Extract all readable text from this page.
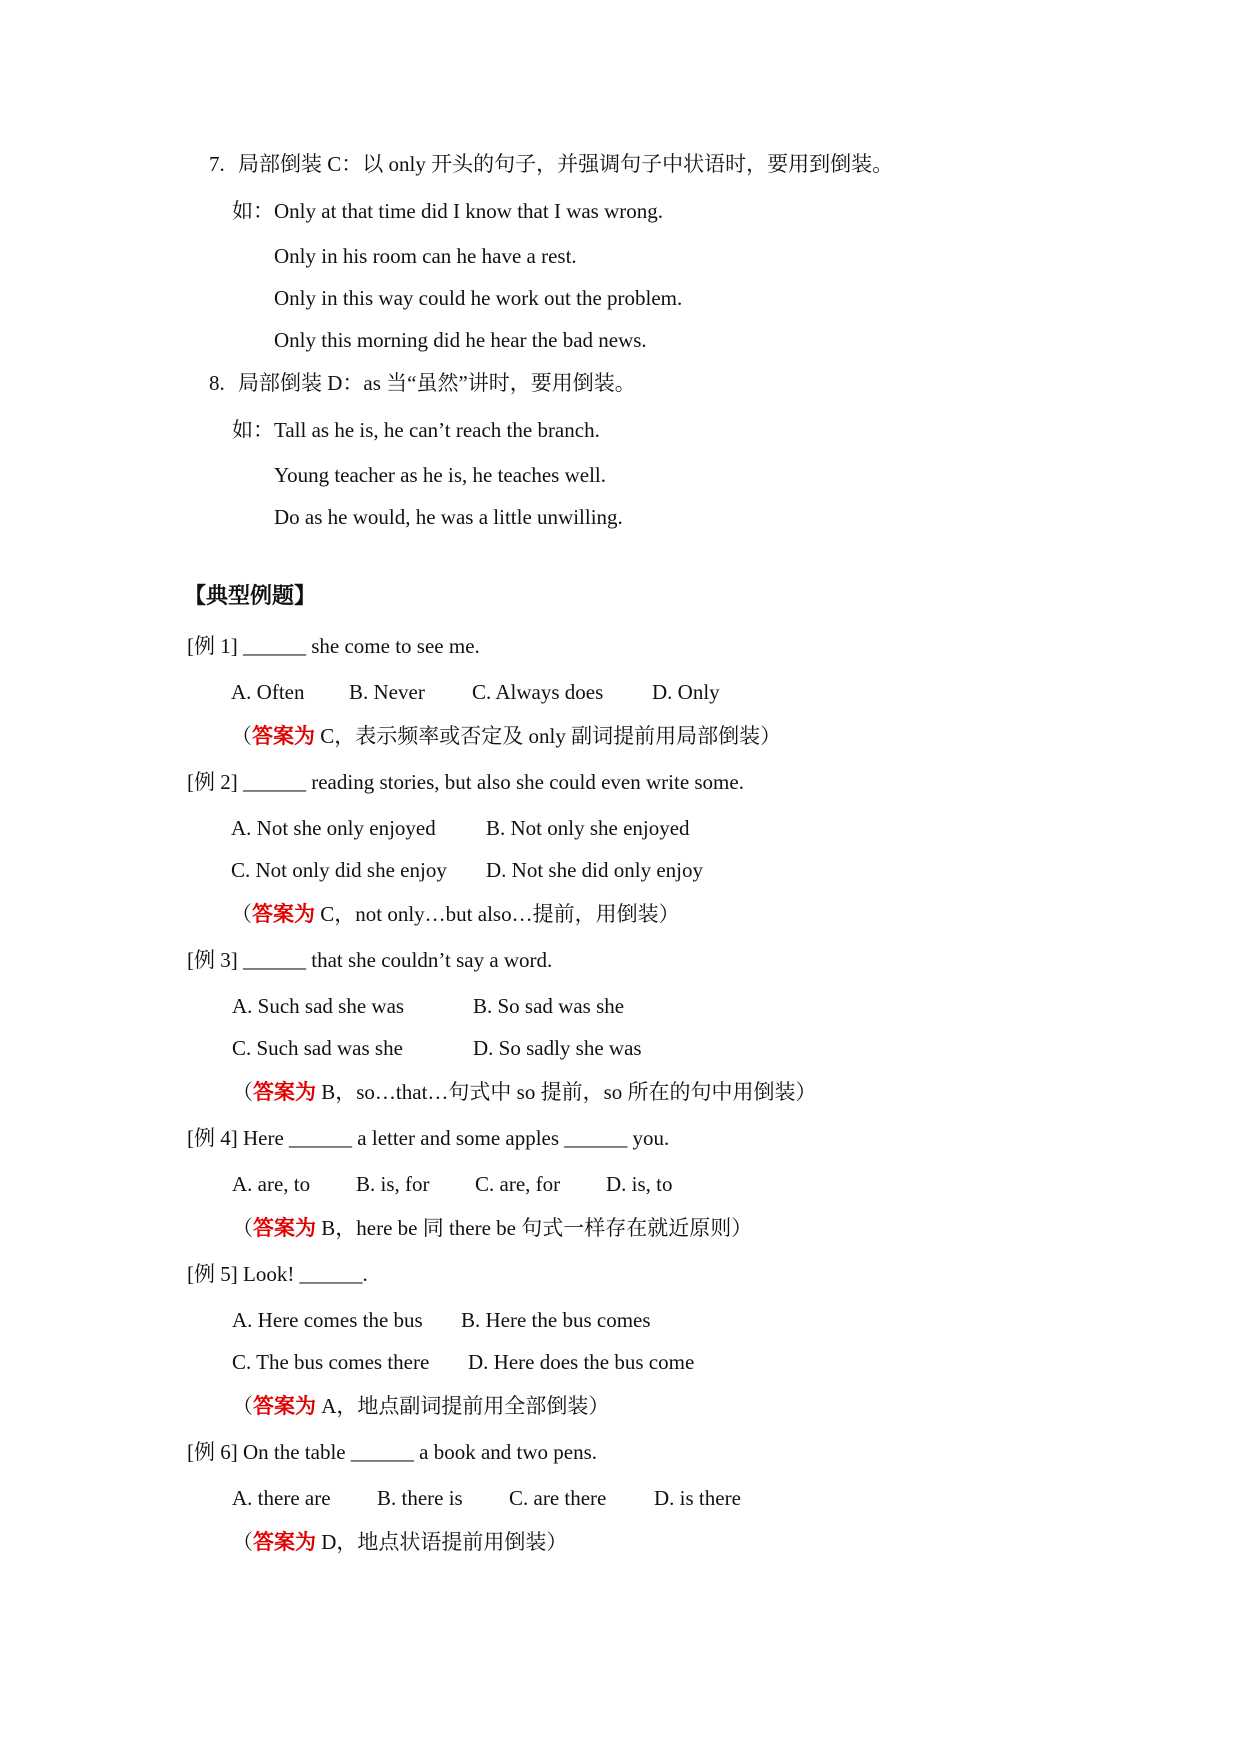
7. 局部倒装 C：以 only 开头的句子，并强调句子中状语时，要用到倒装。
如：Only at that time did I know that I was wrong.
Only in his room can he have a rest.
Only in this way could he work out the problem.
Only this morning did he hear the bad news.
8. 局部倒装 D：as 当“虽然”讲时，要用倒装。
如：Tall as he is, he can’t reach the branch.
Young teacher as he is, he teaches well.
Do as he would, he was a little unwilling.
【典型例题】
[例 1] ______ she come to see me.
A. Often B. Never C. Always does D. Only
（答案为 C，表示频率或否定及 only 副词提前用局部倒装）
[例 2] ______ reading stories, but also she could even write some.
A. Not she only enjoyed B. Not only she enjoyed
C. Not only did she enjoy D. Not she did only enjoy
（答案为 C，not only…but also…提前，用倒装）
[例 3] ______ that she couldn’t say a word.
A. Such sad she was	B. So sad was she
C. Such sad was she	D. So sadly she was
（答案为 B，so…that…句式中 so 提前，so 所在的句中用倒装）
[例 4] Here ______ a letter and some apples ______ you.
A. are, to B. is, for C. are, for D. is, to
（答案为 B，here be 同 there be 句式一样存在就近原则）
[例 5] Look! ______.
A. Here comes the bus B. Here the bus comes
C. The bus comes there D. Here does the bus come
（答案为 A，地点副词提前用全部倒装）
[例 6] On the table ______ a book and two pens.
A. there are B. there is C. are there D. is there
（答案为 D，地点状语提前用倒装）
